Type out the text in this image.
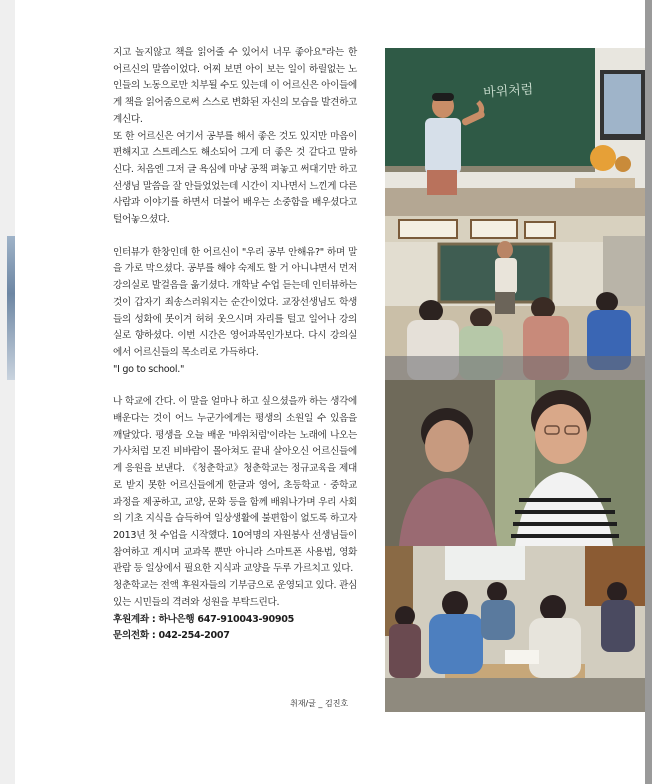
지고 놀지않고 책을 읽어줄 수 있어서 너무 좋아요"라는 한 어르신의 말씀이었다. 어찌 보면 아이 보는 일이 하릴없는 노인들의 노동으로만 치부될 수도 있는데 이 어르신은 아이들에게 책을 읽어줌으로써 스스로 변화된 자신의 모습을 발견하고 계신다.

또 한 어르신은 여기서 공부를 해서 좋은 것도 있지만 마음이 편해지고 스트레스도 해소되어 그게 더 좋은 것 같다고 말하신다. 처음엔 그저 글 욕심에 마냥 공책 펴놓고 써대기만 하고 선생님 말씀을 잘 안들었었는데 시간이 지나면서 느낀게 다른 사람과 이야기를 하면서 더불어 배우는 소중함을 배우셨다고 털어놓으셨다.

인터뷰가 한창인데 한 어르신이 "우리 공부 안해유?" 하며 말을 가로 막으셨다. 공부를 해야 숙제도 할 거 아니냐면서 먼저 강의실로 발걸음을 옮기셨다. 개학날 수업 듣는데 인터뷰하는 것이 갑자기 죄송스러워지는 순간이었다. 교장선생님도 학생들의 성화에 못이겨 허허 웃으시며 자리를 털고 일어나 강의실로 향하셨다. 이번 시간은 영어과목인가보다. 다시 강의실에서 어르신들의 목소리로 가득하다.

"I go to school."

나 학교에 간다. 이 말을 얼마나 하고 싶으셨을까 하는 생각에 배운다는 것이 어느 누군가에게는 평생의 소원일 수 있음을 깨달았다. 평생을 오늘 배운 '바위처럼'이라는 노래에 나오는 가사처럼 모진 비바람이 몰아쳐도 끝내 살아오신 어르신들에게 응원을 보낸다. 《청춘학교》청춘학교는 정규교육을 제대로 받지 못한 어르신들에게 한글과 영어, 초등학교 · 중학교 과정을 제공하고, 교양, 문화 등을 함께 배워나가며 우리 사회의 기초 지식을 습득하여 일상생활에 불편함이 없도록 하고자 2013년 첫 수업을 시작했다. 10여명의 자원봉사 선생님들이 참여하고 계시며 교과목 뿐만 아니라 스마트폰 사용법, 영화관람 등 일상에서 필요한 지식과 교양을 두루 가르치고 있다.

청춘학교는 전액 후원자들의 기부금으로 운영되고 있다. 관심있는 시민들의 격려와 성원을 부탁드린다.

후원계좌 : 하나은행 647-910043-90905

문의전화 : 042-254-2007

취재/글 _ 김진호
바위처럼
